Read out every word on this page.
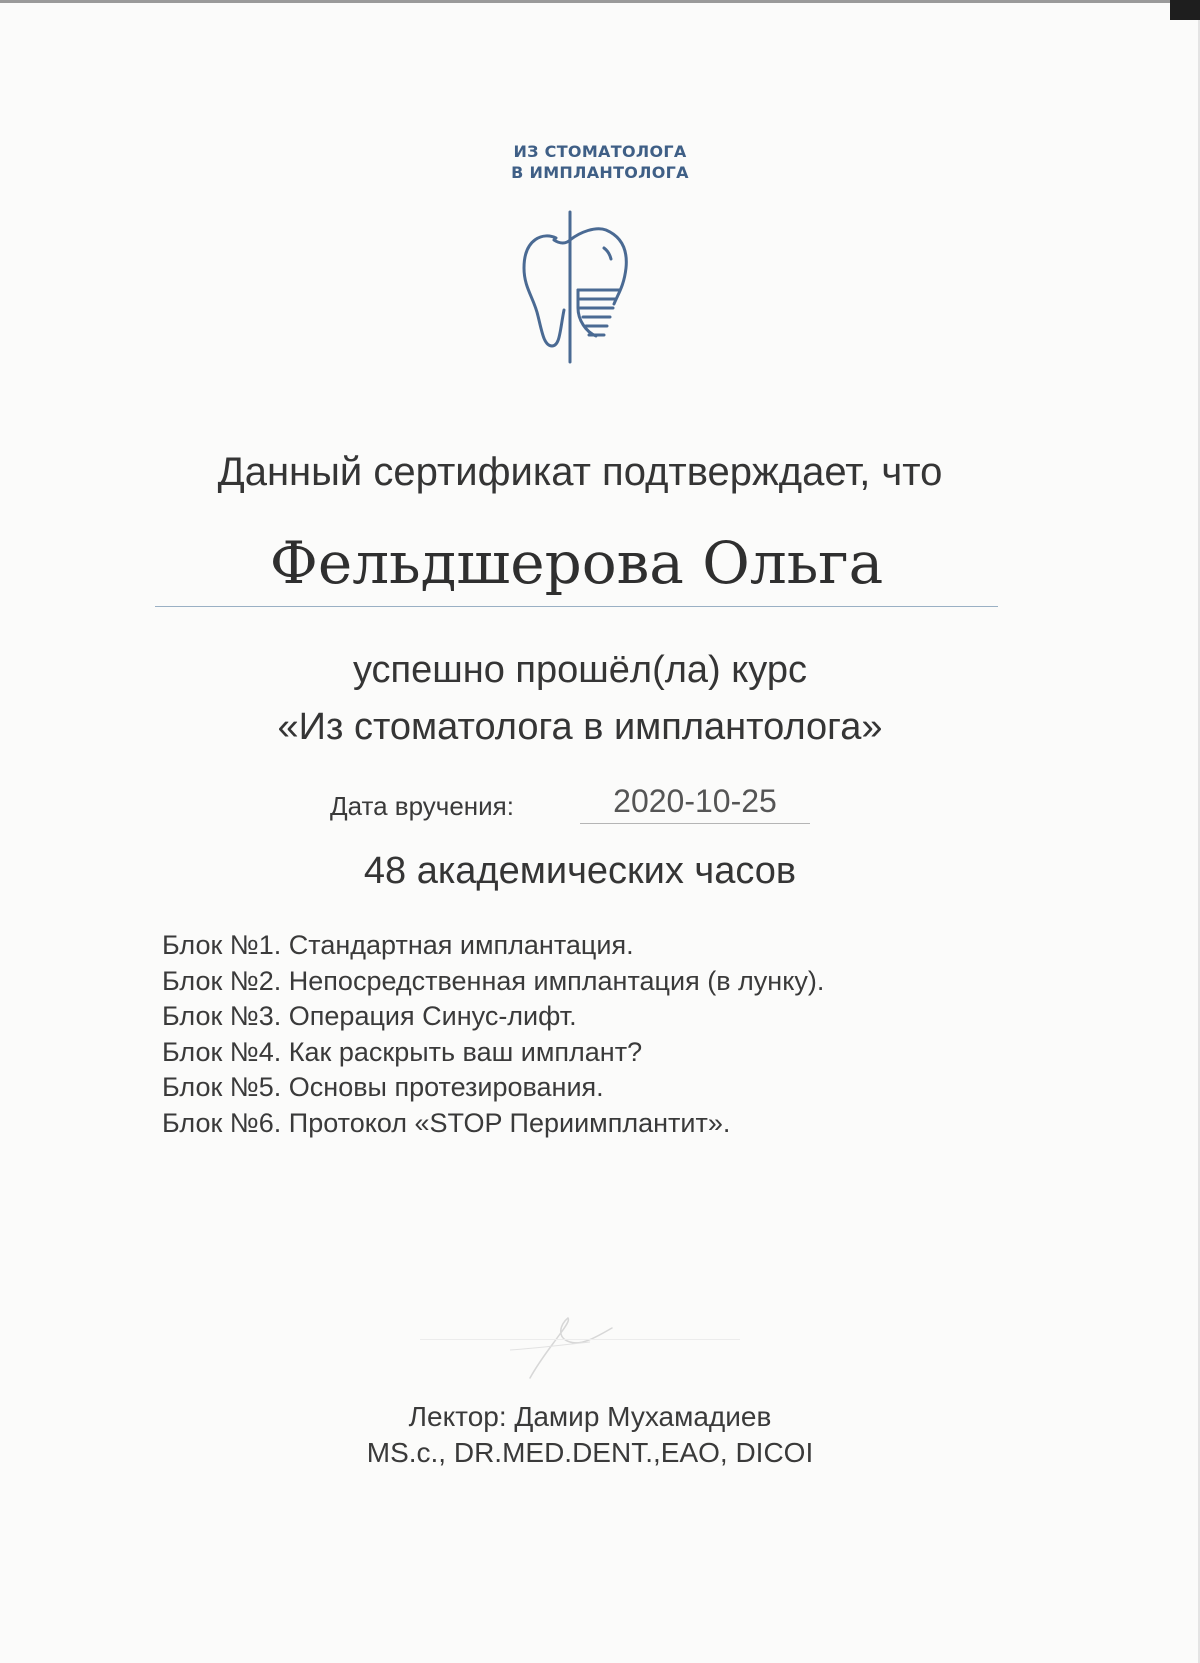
ИЗ СТОМАТОЛОГА
В ИМПЛАНТОЛОГА
Данный сертификат подтверждает, что
Фельдшерова Ольга
успешно прошёл(ла) курс
«Из стоматолога в имплантолога»
Дата вручения:	2020-10-25
48 академических часов
Блок №1. Стандартная имплантация.
Блок №2. Непосредственная имплантация (в лунку).
Блок №3. Операция Синус-лифт.
Блок №4. Как раскрыть ваш имплант?
Блок №5. Основы протезирования.
Блок №6. Протокол «STOP Периимплантит».
Лектор: Дамир Мухамадиев
MS.c., DR.MED.DENT.,EAO, DICOI
